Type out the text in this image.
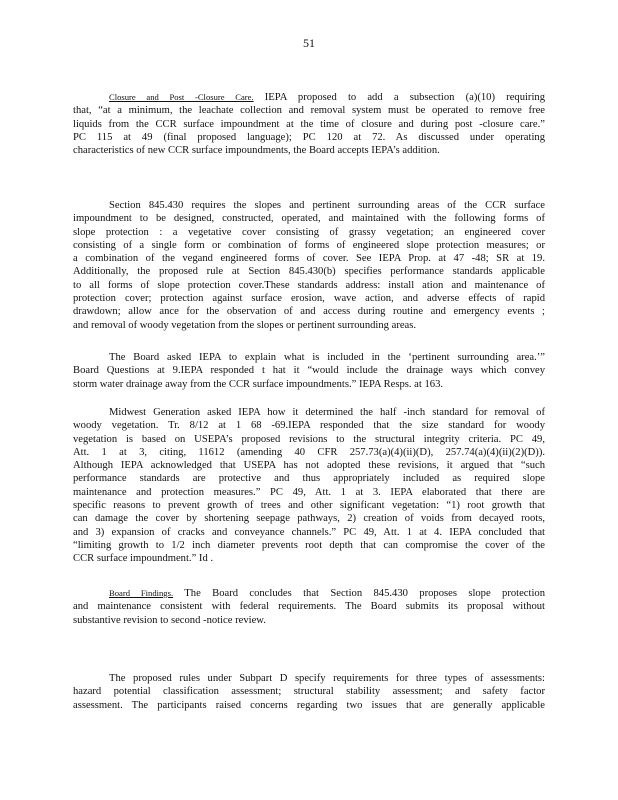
51
Closure and Post -Closure Care. IEPA proposed to add a subsection (a)(10) requiring
that, “at a minimum, the leachate collection and removal system must be operated to remove free
liquids from the CCR surface impoundment at the time of closure and during post -closure care.”
PC 115 at 49 (final proposed language); PC 120 at 72. As discussed under operating
characteristics of new CCR surface impoundments, the Board accepts IEPA’s addition.
Section 845.430 requires the slopes and pertinent surrounding areas of the CCR surface
impoundment to be designed, constructed, operated, and maintained with the following forms of
slope protection : a vegetative cover consisting of grassy vegetation; an engineered cover
consisting of a single form or combination of forms of engineered slope protection measures; or
a combination of the vegand engineered forms of cover. See IEPA Prop. at 47 -48; SR at 19.
Additionally, the proposed rule at Section 845.430(b) specifies performance standards applicable
to all forms of slope protection cover.These standards address: install ation and maintenance of
protection cover; protection against surface erosion, wave action, and adverse effects of rapid
drawdown; allow ance for the observation of and access during routine and emergency events ;
and removal of woody vegetation from the slopes or pertinent surrounding areas.
The Board asked IEPA to explain what is included in the ‘pertinent surrounding area.’”
Board Questions at 9.IEPA responded t hat it “would include the drainage ways which convey
storm water drainage away from the CCR surface impoundments.” IEPA Resps. at 163.
Midwest Generation asked IEPA how it determined the half -inch standard for removal of
woody vegetation. Tr. 8/12 at 1 68 -69.IEPA responded that the size standard for woody
vegetation is based on USEPA’s proposed revisions to the structural integrity criteria. PC 49,
Att. 1 at 3, citing, 11612 (amending 40 CFR 257.73(a)(4)(ii)(D), 257.74(a)(4)(ii)(2)(D)).
Although IEPA acknowledged that USEPA has not adopted these revisions, it argued that “such
performance standards are protective and thus appropriately included as required slope
maintenance and protection measures.” PC 49, Att. 1 at 3. IEPA elaborated that there are
specific reasons to prevent growth of trees and other significant vegetation: “1) root growth that
can damage the cover by shortening seepage pathways, 2) creation of voids from decayed roots,
and 3) expansion of cracks and conveyance channels.” PC 49, Att. 1 at 4. IEPA concluded that
“limiting growth to 1/2 inch diameter prevents root depth that can compromise the cover of the
CCR surface impoundment.” Id .
Board Findings. The Board concludes that Section 845.430 proposes slope protection
and maintenance consistent with federal requirements. The Board submits its proposal without
substantive revision to second -notice review.
The proposed rules under Subpart D specify requirements for three types of assessments:
hazard potential classification assessment; structural stability assessment; and safety factor
assessment. The participants raised concerns regarding two issues that are generally applicable
